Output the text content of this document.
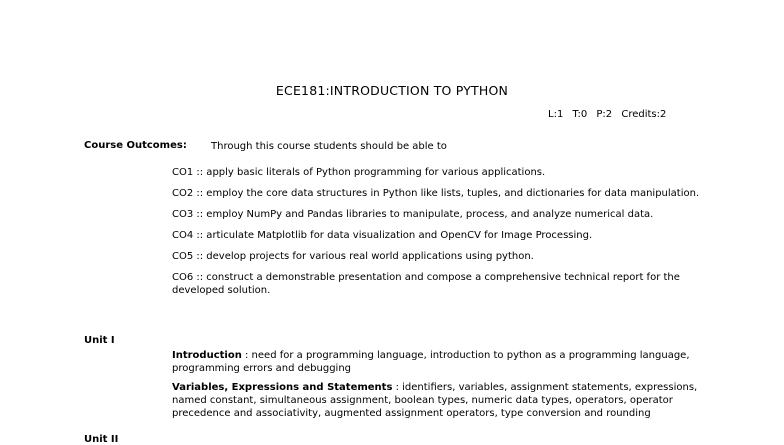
ECE181:INTRODUCTION TO PYTHON
L:1 T:0 P:2 Credits:2
Course Outcomes: Through this course students should be able to
CO1 :: apply basic literals of Python programming for various applications.
CO2 :: employ the core data structures in Python like lists, tuples, and dictionaries for data manipulation.
CO3 :: employ NumPy and Pandas libraries to manipulate, process, and analyze numerical data.
CO4 :: articulate Matplotlib for data visualization and OpenCV for Image Processing.
CO5 :: develop projects for various real world applications using python.
CO6 :: construct a demonstrable presentation and compose a comprehensive technical report for the developed solution.
Unit I
Introduction : need for a programming language, introduction to python as a programming language, programming errors and debugging
Variables, Expressions and Statements : identifiers, variables, assignment statements, expressions, named constant, simultaneous assignment, boolean types, numeric data types, operators, operator precedence and associativity, augmented assignment operators, type conversion and rounding
Unit II
